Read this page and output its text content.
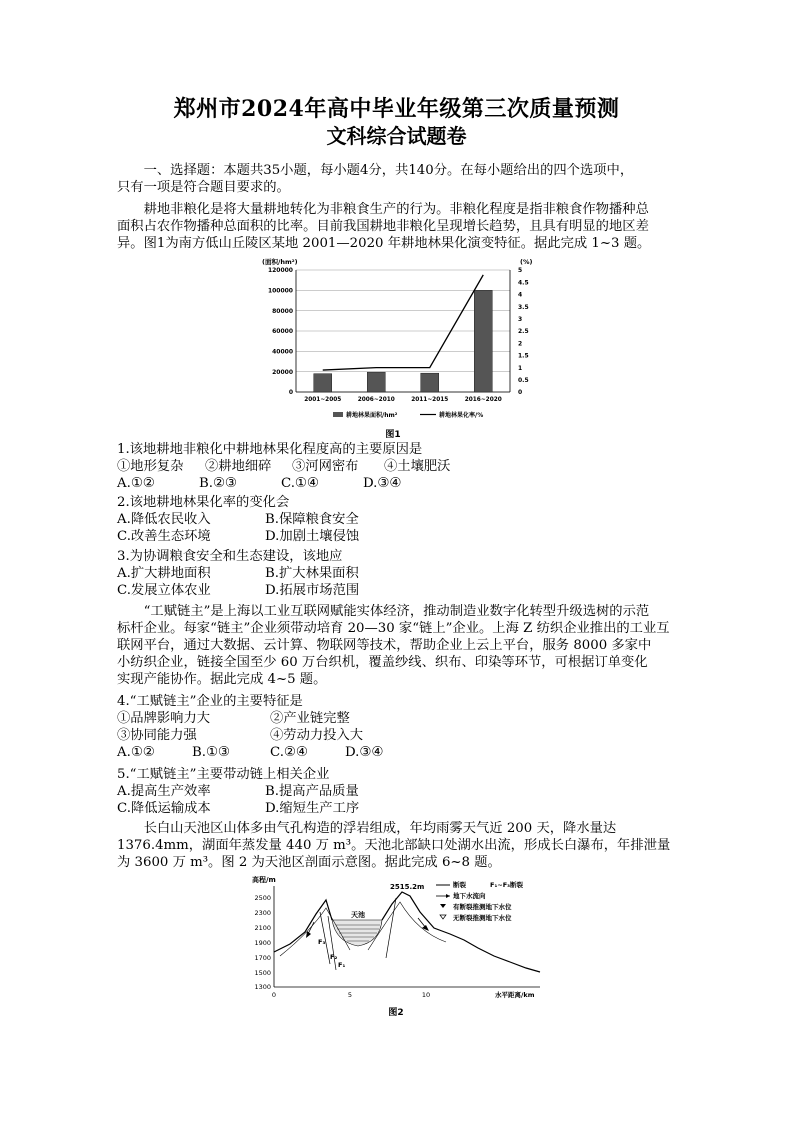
郑州市2024年高中毕业年级第三次质量预测
文科综合试题卷
一、选择题：本题共35小题，每小题4分，共140分。在每小题给出的四个选项中，
只有一项是符合题目要求的。
耕地非粮化是将大量耕地转化为非粮食生产的行为。非粮化程度是指非粮食作物播种总
面积占农作物播种总面积的比率。目前我国耕地非粮化呈现增长趋势，且具有明显的地区差
异。图1为南方低山丘陵区某地 2001—2020 年耕地林果化演变特征。据此完成 1~3 题。
(面积/hm²)	(%)
0
20000
40000
60000
80000
100000
120000
0
0.5
1
1.5
2
2.5
3
3.5
4
4.5
5
2001~2005	2006~2010	2011~2015	2016~2020
耕地林果面积/hm²	耕地林果化率/%
图1
1.该地耕地非粮化中耕地林果化程度高的主要原因是
①地形复杂	②耕地细碎	③河网密布	④土壤肥沃
A.①②	B.②③	C.①④	D.③④
2.该地耕地林果化率的变化会
A.降低农民收入	B.保障粮食安全
C.改善生态环境	D.加剧土壤侵蚀
3.为协调粮食安全和生态建设，该地应
A.扩大耕地面积	B.扩大林果面积
C.发展立体农业	D.拓展市场范围
“工赋链主”是上海以工业互联网赋能实体经济，推动制造业数字化转型升级选树的示范
标杆企业。每家“链主”企业须带动培育 20—30 家“链上”企业。上海 Z 纺织企业推出的工业互
联网平台，通过大数据、云计算、物联网等技术，帮助企业上云上平台，服务 8000 多家中
小纺织企业，链接全国至少 60 万台织机，覆盖纱线、织布、印染等环节，可根据订单变化
实现产能协作。据此完成 4~5 题。
4.“工赋链主”企业的主要特征是
①品牌影响力大	②产业链完整
③协同能力强	④劳动力投入大
A.①②	B.①③	C.②④	D.③④
5.“工赋链主”主要带动链上相关企业
A.提高生产效率	B.提高产品质量
C.降低运输成本	D.缩短生产工序
长白山天池区山体多由气孔构造的浮岩组成，年均雨雾天气近 200 天，降水量达
1376.4mm，湖面年蒸发量 440 万 m³。天池北部缺口处湖水出流，形成长白瀑布，年排泄量
为 3600 万 m³。图 2 为天池区剖面示意图。据此完成 6~8 题。
高程/m
2500
2300
2100
1900
1700
1500
1300
0	5	10	水平距离/km
天池
F₃
F₂
F₁
2515.2m	断裂	F₁~F₃断裂
地下水流向
有断裂推测地下水位
无断裂推测地下水位
图2
